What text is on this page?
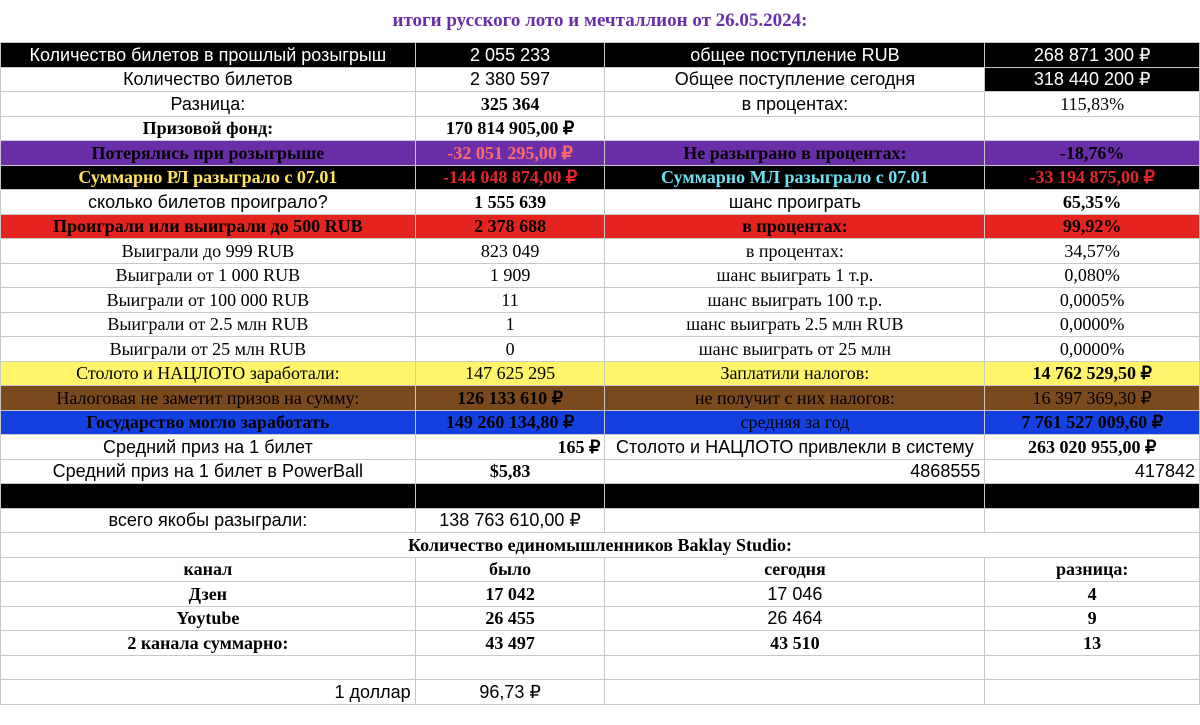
итоги русского лото и мечталлион от 26.05.2024:
Количество билетов в прошлый розыгрыш	2 055 233	общее поступление RUB	268 871 300 ₽
Количество билетов	2 380 597	Общее поступление сегодня	318 440 200 ₽
Разница:	325 364	в процентах:	115,83%
Призовой фонд:	170 814 905,00 ₽		
Потерялись при розыгрыше	-32 051 295,00 ₽	Не разыграно в процентах:	-18,76%
Суммарно РЛ разыграло с 07.01	-144 048 874,00 ₽	Суммарно МЛ разыграло с 07.01	-33 194 875,00 ₽
сколько билетов проиграло?	1 555 639	шанс проиграть	65,35%
Проиграли или выиграли до 500 RUB	2 378 688	в процентах:	99,92%
Выиграли до 999 RUB	823 049	в процентах:	34,57%
Выиграли от 1 000 RUB	1 909	шанс выиграть 1 т.р.	0,080%
Выиграли от 100 000 RUB	11	шанс выиграть 100 т.р.	0,0005%
Выиграли от 2.5 млн RUB	1	шанс выиграть 2.5 млн RUB	0,0000%
Выиграли от 25 млн RUB	0	шанс выиграть от 25 млн	0,0000%
Столото и НАЦЛОТО заработали:	147 625 295	Заплатили налогов:	14 762 529,50 ₽
Налоговая не заметит призов на сумму:	126 133 610 ₽	не получит с них налогов:	16 397 369,30 ₽
Государство могло заработать	149 260 134,80 ₽	средняя за год	7 761 527 009,60 ₽
Средний приз на 1 билет	165 ₽	Столото и НАЦЛОТО привлекли в систему	263 020 955,00 ₽
Средний приз на 1 билет в PowerBall	$5,83	4868555	417842
в рублях:	1 127,07 ₽	Во сколько раз это лото хуже?	6,811
всего якобы разыграли:	138 763 610,00 ₽		
Количество единомышленников Baklay Studio:			
канал	было	сегодня	разница:
Дзен	17 042	17 046	4
Yoytube	26 455	26 464	9
2 канала суммарно:	43 497	43 510	13

1 доллар	96,73 ₽		
